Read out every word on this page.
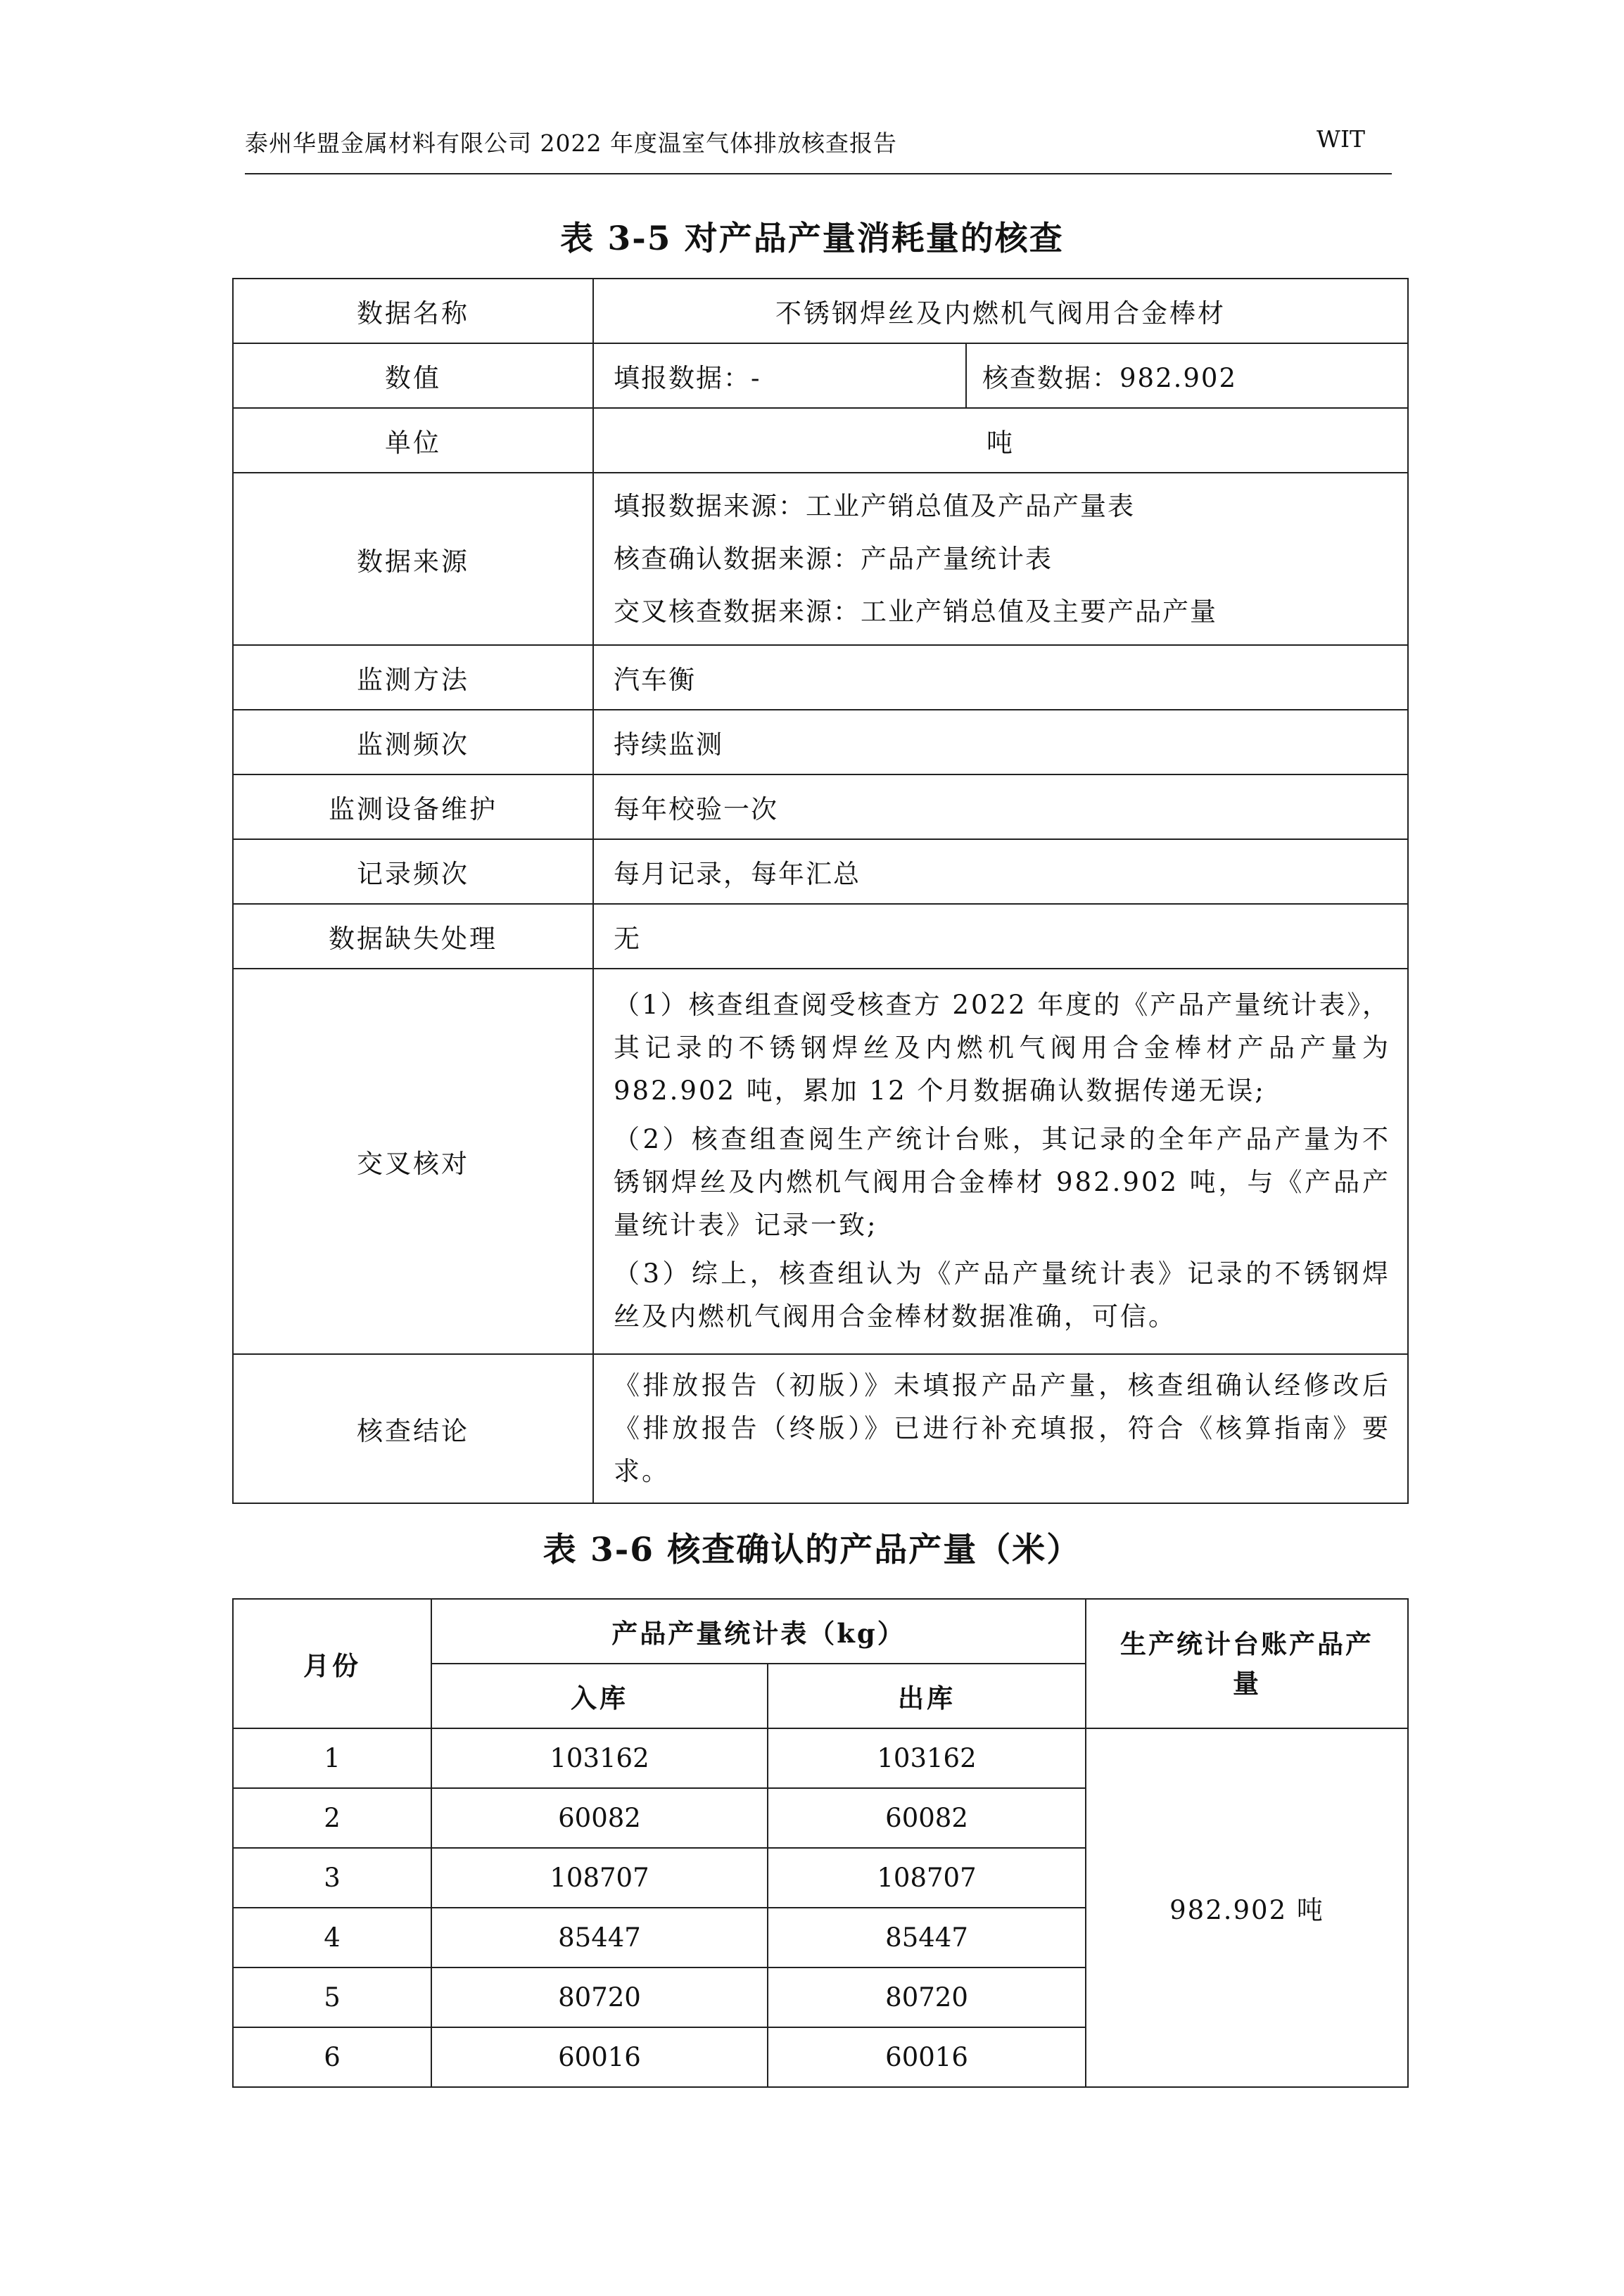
泰州华盟金属材料有限公司 2022 年度温室气体排放核查报告	WIT
表 3-5 对产品产量消耗量的核查
数据名称	不锈钢焊丝及内燃机气阀用合金棒材	
数值	填报数据：-	核查数据：982.902
单位	吨	
数据来源	填报数据来源：工业产销总值及产品产量表
核查确认数据来源：产品产量统计表
交叉核查数据来源：工业产销总值及主要产品产量	

监测方法	汽车衡	
监测频次	持续监测	
监测设备维护	每年校验一次	
记录频次	每月记录，每年汇总	
数据缺失处理	无	
交叉核对	（1）核查组查阅受核查方 2022 年度的《产品产量统计表》，其记录的不锈钢焊丝及内燃机气阀用合金棒材产品产量为 982.902 吨，累加 12 个月数据确认数据传递无误;
（2）核查组查阅生产统计台账，其记录的全年产品产量为不锈钢焊丝及内燃机气阀用合金棒材 982.902 吨，与《产品产量统计表》记录一致;
（3）综上，核查组认为《产品产量统计表》记录的不锈钢焊丝及内燃机气阀用合金棒材数据准确，可信。	

核查结论	《排放报告（初版）》未填报产品产量，核查组确认经修改后《排放报告（终版）》已进行补充填报，符合《核算指南》要求。	
表 3-6 核查确认的产品产量（米）
月份	产品产量统计表（kg）		生产统计台账产品产量
	入库	出库	
1	103162	103162	982.902 吨
2	60082	60082	
3	108707	108707	
4	85447	85447	
5	80720	80720	
6	60016	60016	
